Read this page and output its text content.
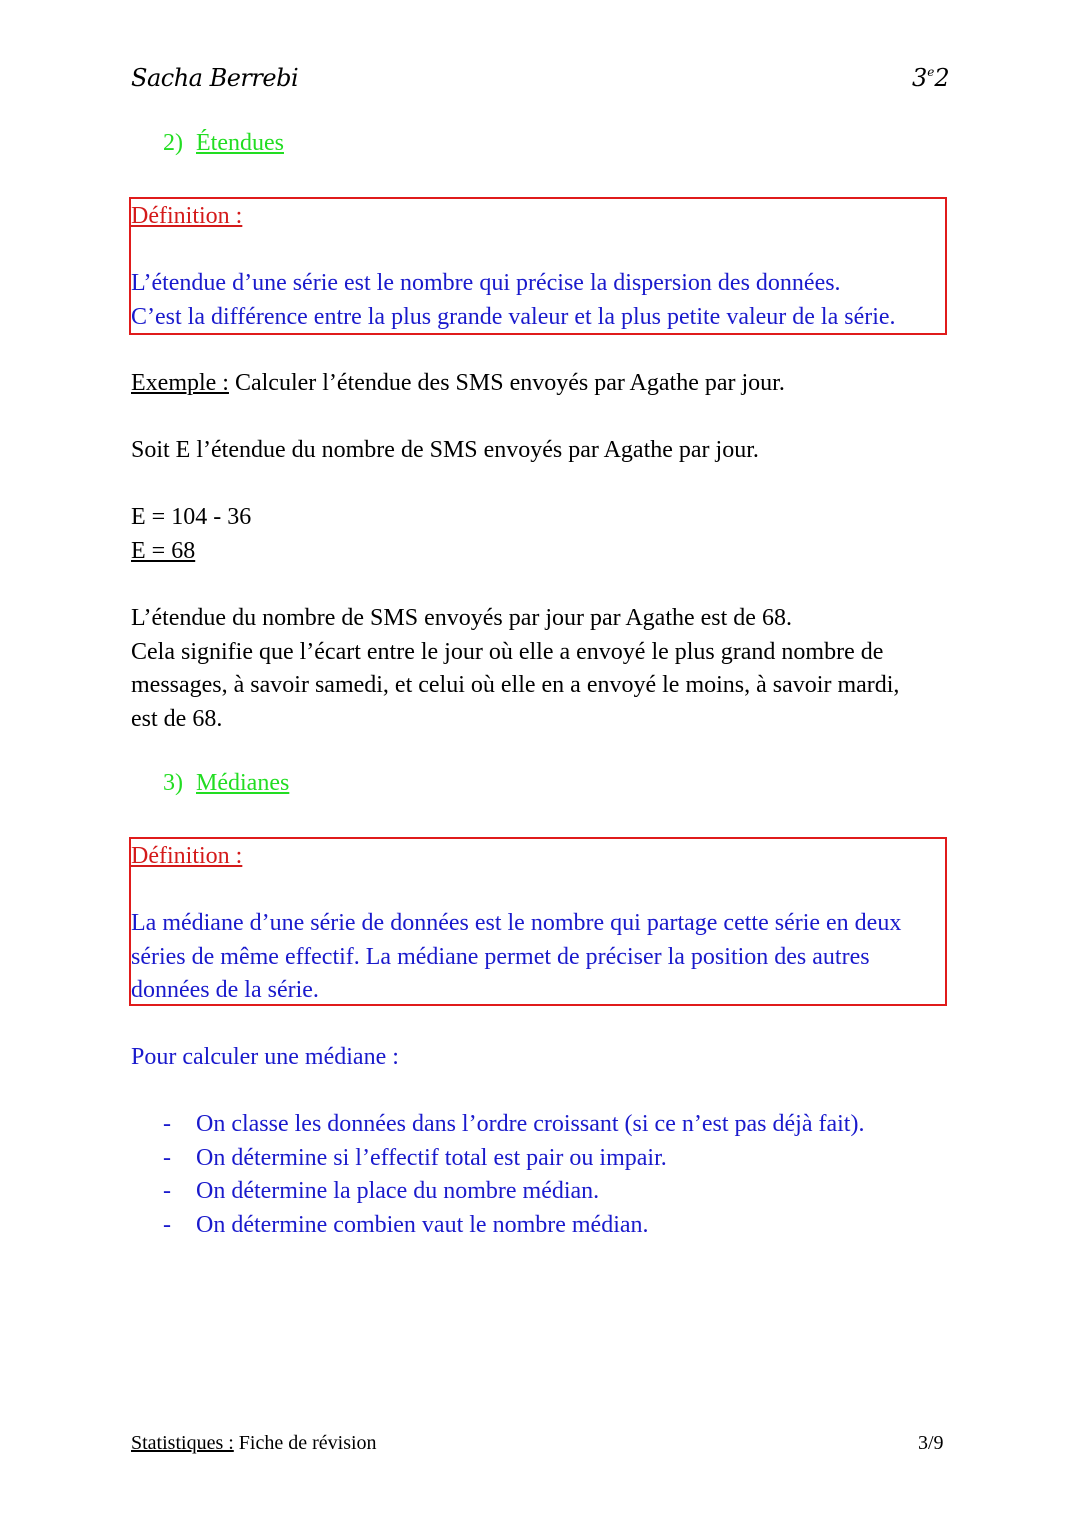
Sacha Berrebi	3e2
2) Étendues
Définition :
L’étendue d’une série est le nombre qui précise la dispersion des données.
C’est la différence entre la plus grande valeur et la plus petite valeur de la série.
Exemple : Calculer l’étendue des SMS envoyés par Agathe par jour.
Soit E l’étendue du nombre de SMS envoyés par Agathe par jour.
E = 104 - 36
E = 68
L’étendue du nombre de SMS envoyés par jour par Agathe est de 68.
Cela signifie que l’écart entre le jour où elle a envoyé le plus grand nombre de
messages, à savoir samedi, et celui où elle en a envoyé le moins, à savoir mardi,
est de 68.
3) Médianes
Définition :
La médiane d’une série de données est le nombre qui partage cette série en deux
séries de même effectif. La médiane permet de préciser la position des autres
données de la série.
Pour calculer une médiane :
- On classe les données dans l’ordre croissant (si ce n’est pas déjà fait).
- On détermine si l’effectif total est pair ou impair.
- On détermine la place du nombre médian.
- On détermine combien vaut le nombre médian.
Statistiques : Fiche de révision	3/9
